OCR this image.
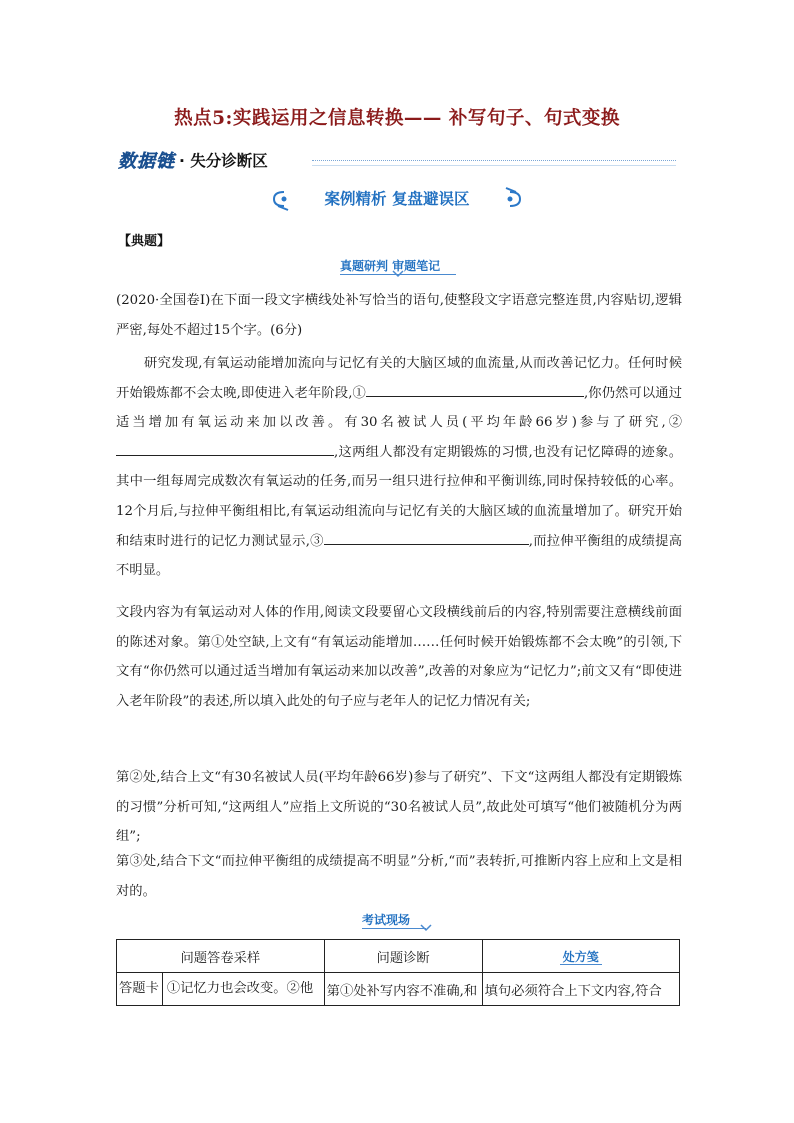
热点5:实践运用之信息转换—— 补写句子、句式变换
数据链 · 失分诊断区
案例精析 复盘避误区
【典题】
真题研判 审题笔记
(2020·全国卷I)在下面一段文字横线处补写恰当的语句,使整段文字语意完整连贯,内容贴切,逻辑严密,每处不超过15个字。(6分)
研究发现,有氧运动能增加流向与记忆有关的大脑区域的血流量,从而改善记忆力。任何时候开始锻炼都不会太晚,即使进入老年阶段,①	,你仍然可以通过适当增加有氧运动来加以改善。有30名被试人员(平均年龄66岁)参与了研究,②,这两组人都没有定期锻炼的习惯,也没有记忆障碍的迹象。其中一组每周完成数次有氧运动的任务,而另一组只进行拉伸和平衡训练,同时保持较低的心率。12个月后,与拉伸平衡组相比,有氧运动组流向与记忆有关的大脑区域的血流量增加了。研究开始和结束时进行的记忆力测试显示,③	,而拉伸平衡组的成绩提高不明显。
文段内容为有氧运动对人体的作用,阅读文段要留心文段横线前后的内容,特别需要注意横线前面的陈述对象。第①处空缺,上文有“有氧运动能增加……任何时候开始锻炼都不会太晚”的引领,下文有“你仍然可以通过适当增加有氧运动来加以改善”,改善的对象应为“记忆力”;前文又有“即使进入老年阶段”的表述,所以填入此处的句子应与老年人的记忆力情况有关;
第②处,结合上文“有30名被试人员(平均年龄66岁)参与了研究”、下文“这两组人都没有定期锻炼的习惯”分析可知,“这两组人”应指上文所说的“30名被试人员”,故此处可填写“他们被随机分为两组”;
第③处,结合下文“而拉伸平衡组的成绩提高不明显”分析,“而”表转折,可推断内容上应和上文是相对的。
考试现场
问题答卷采样	问题诊断	处方笺
答题卡 ①记忆力也会改变。②他	第①处补写内容不准确,和	填句必须符合上下文内容,符合
